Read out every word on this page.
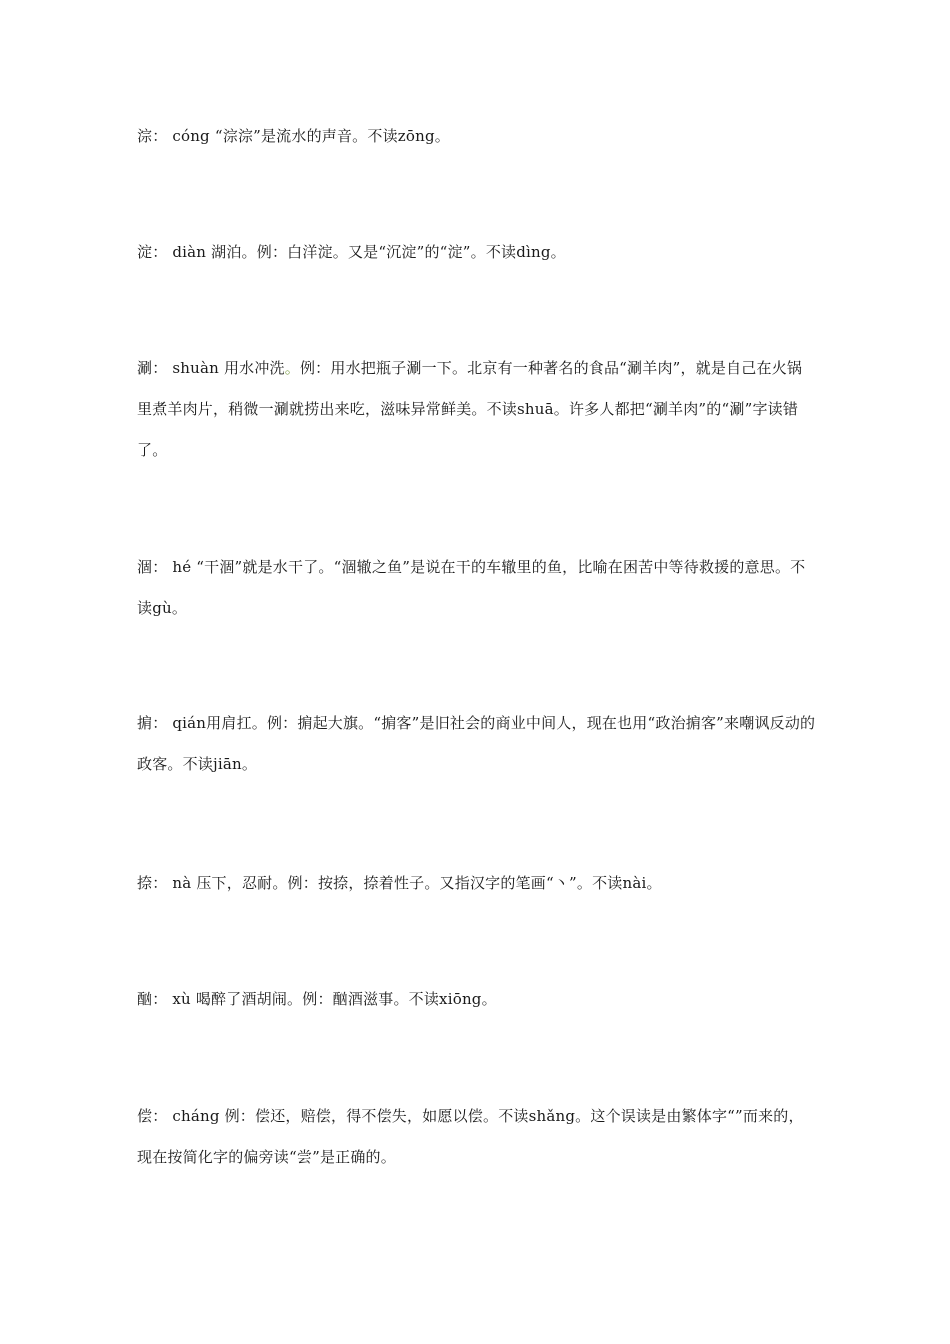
淙： cóng “淙淙”是流水的声音。不读zōng。

淀： diàn 湖泊。例：白洋淀。又是“沉淀”的“淀”。不读dìng。

涮： shuàn 用水冲洗。例：用水把瓶子涮一下。北京有一种著名的食品“涮羊肉”，就是自己在火锅里煮羊肉片，稍微一涮就捞出来吃，滋味异常鲜美。不读shuā。许多人都把“涮羊肉”的“涮”字读错了。

涸： hé “干涸”就是水干了。“涸辙之鱼”是说在干的车辙里的鱼，比喻在困苦中等待救援的意思。不读gù。

掮： qián用肩扛。例：掮起大旗。“掮客”是旧社会的商业中间人，现在也用“政治掮客”来嘲讽反动的政客。不读jiān。

捺： nà 压下，忍耐。例：按捺，捺着性子。又指汉字的笔画“丶”。不读nài。

酗： xù 喝醉了酒胡闹。例：酗酒滋事。不读xiōng。

偿： cháng 例：偿还，赔偿，得不偿失，如愿以偿。不读shǎng。这个误读是由繁体字“”而来的，现在按简化字的偏旁读“尝”是正确的。
